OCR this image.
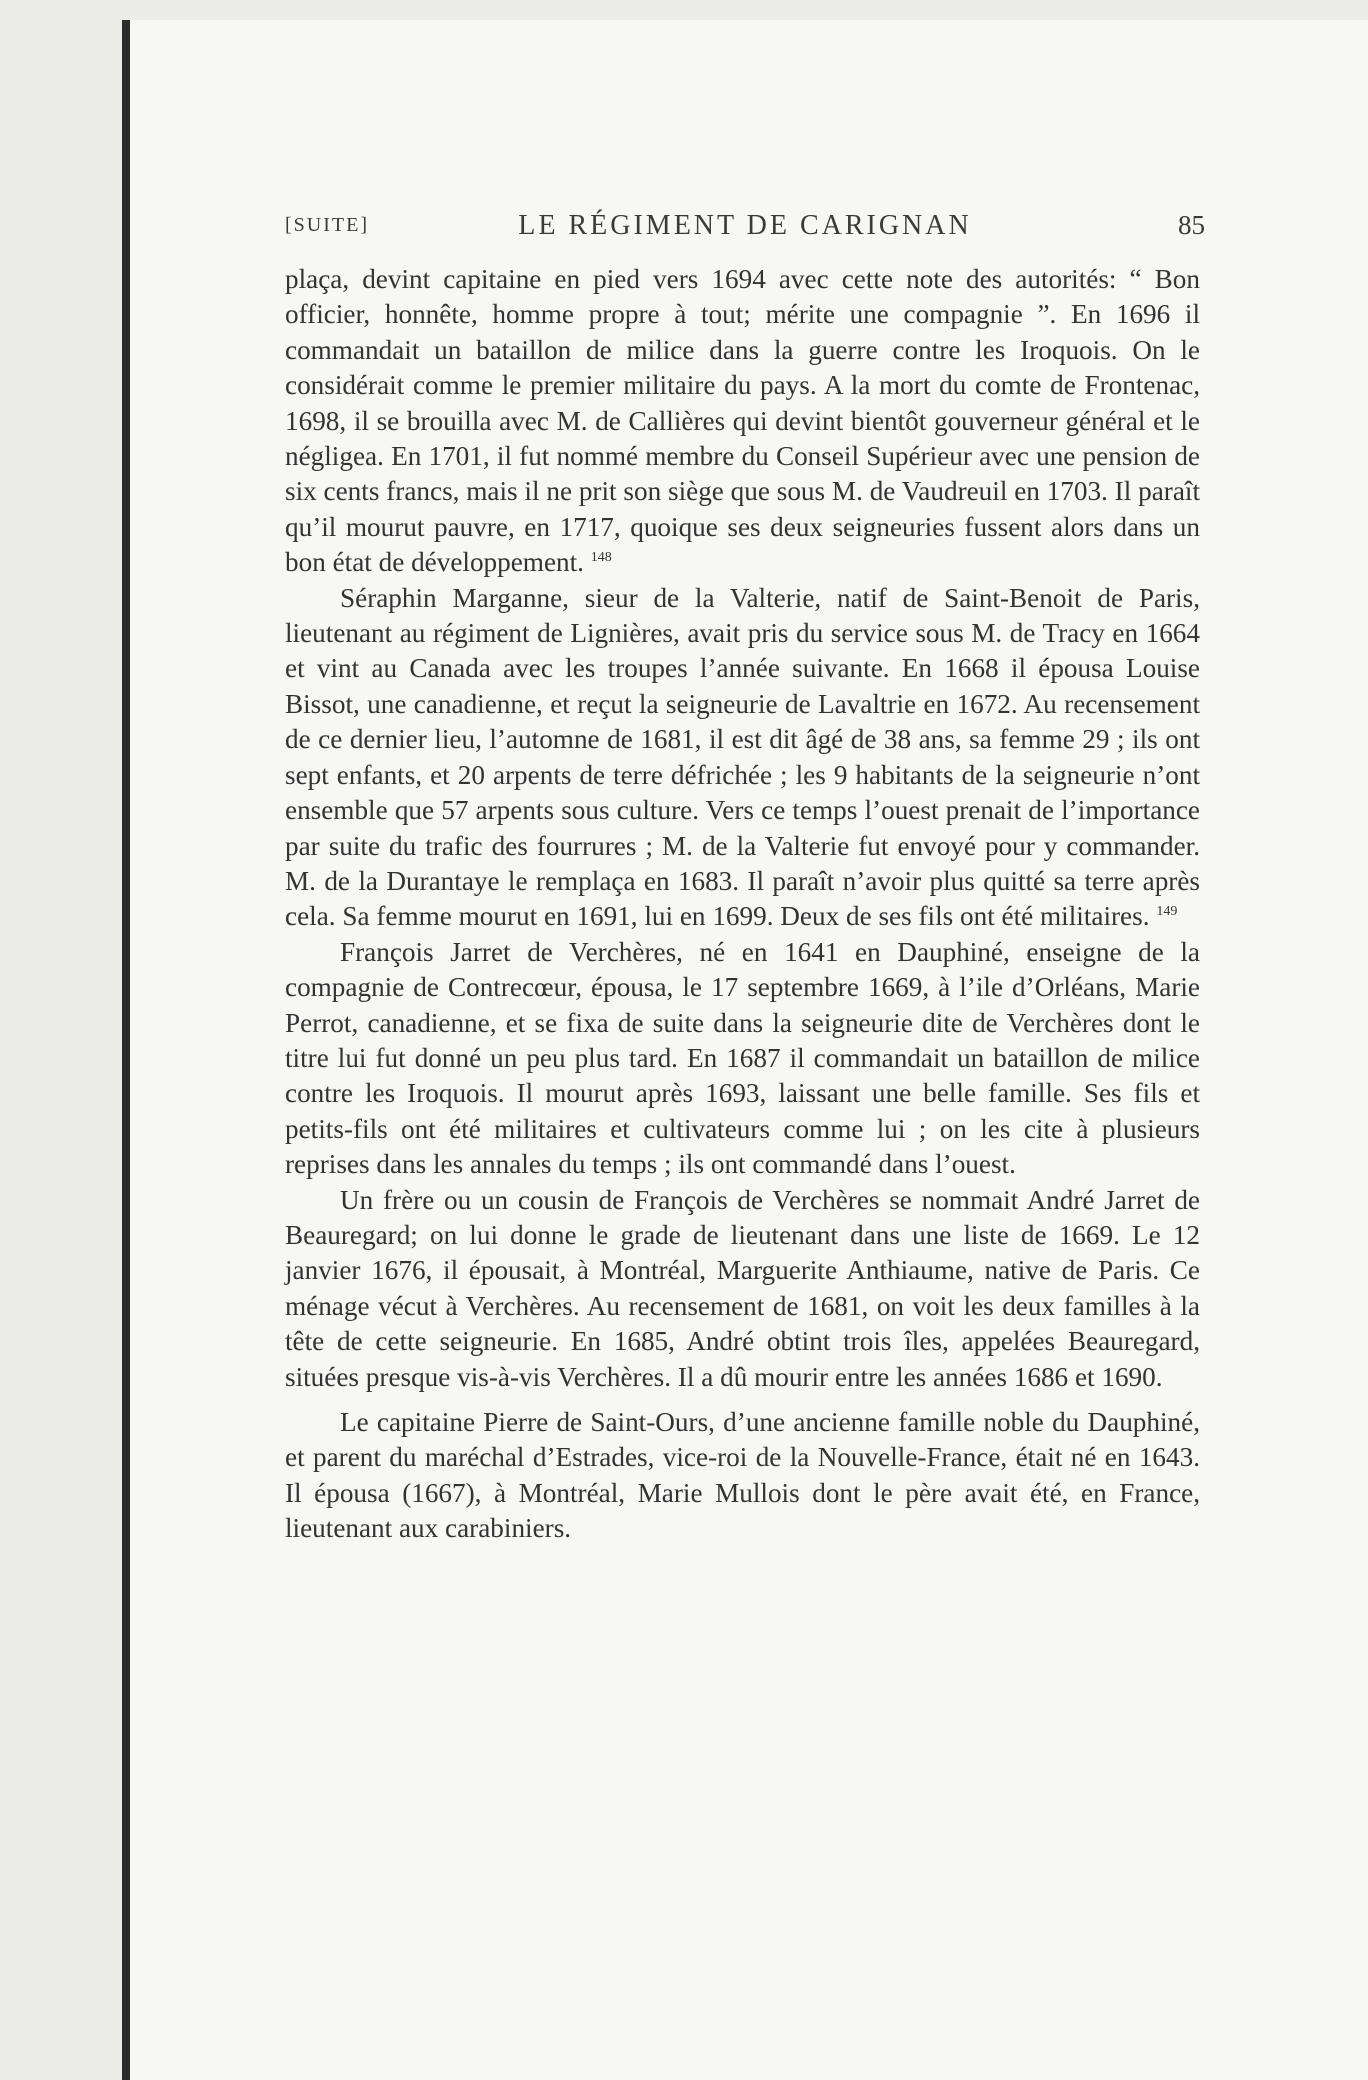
[SUITE]	LE RÉGIMENT DE CARIGNAN	85

plaça, devint capitaine en pied vers 1694 avec cette note des autorités: “ Bon officier, honnête, homme propre à tout; mérite une compagnie ”. En 1696 il commandait un bataillon de milice dans la guerre contre les Iroquois. On le considérait comme le premier militaire du pays. A la mort du comte de Frontenac, 1698, il se brouilla avec M. de Callières qui devint bientôt gouverneur général et le négligea. En 1701, il fut nommé membre du Conseil Supérieur avec une pension de six cents francs, mais il ne prit son siège que sous M. de Vaudreuil en 1703. Il paraît qu’il mourut pauvre, en 1717, quoique ses deux seigneuries fussent alors dans un bon état de développement. $^{148}$

Séraphin Marganne, sieur de la Valterie, natif de Saint-Benoit de Paris, lieutenant au régiment de Lignières, avait pris du service sous M. de Tracy en 1664 et vint au Canada avec les troupes l’année suivante. En 1668 il épousa Louise Bissot, une canadienne, et reçut la seigneurie de Lavaltrie en 1672. Au recensement de ce dernier lieu, l’automne de 1681, il est dit âgé de 38 ans, sa femme 29 ; ils ont sept enfants, et 20 arpents de terre défrichée ; les 9 habitants de la seigneurie n’ont ensemble que 57 arpents sous culture. Vers ce temps l’ouest prenait de l’importance par suite du trafic des fourrures ; M. de la Valterie fut envoyé pour y commander. M. de la Durantaye le remplaça en 1683. Il paraît n’avoir plus quitté sa terre après cela. Sa femme mourut en 1691, lui en 1699. Deux de ses fils ont été militaires. $^{149}$

François Jarret de Verchères, né en 1641 en Dauphiné, enseigne de la compagnie de Contrecœur, épousa, le 17 septembre 1669, à l’ile d’Orléans, Marie Perrot, canadienne, et se fixa de suite dans la seigneurie dite de Verchères dont le titre lui fut donné un peu plus tard. En 1687 il commandait un bataillon de milice contre les Iroquois. Il mourut après 1693, laissant une belle famille. Ses fils et petits-fils ont été militaires et cultivateurs comme lui ; on les cite à plusieurs reprises dans les annales du temps ; ils ont commandé dans l’ouest.

Un frère ou un cousin de François de Verchères se nommait André Jarret de Beauregard; on lui donne le grade de lieutenant dans une liste de 1669. Le 12 janvier 1676, il épousait, à Montréal, Marguerite Anthiaume, native de Paris. Ce ménage vécut à Verchères. Au recensement de 1681, on voit les deux familles à la tête de cette seigneurie. En 1685, André obtint trois îles, appelées Beauregard, situées presque vis-à-vis Verchères. Il a dû mourir entre les années 1686 et 1690.

Le capitaine Pierre de Saint-Ours, d’une ancienne famille noble du Dauphiné, et parent du maréchal d’Estrades, vice-roi de la Nouvelle-France, était né en 1643. Il épousa (1667), à Montréal, Marie Mullois dont le père avait été, en France, lieutenant aux carabiniers.
